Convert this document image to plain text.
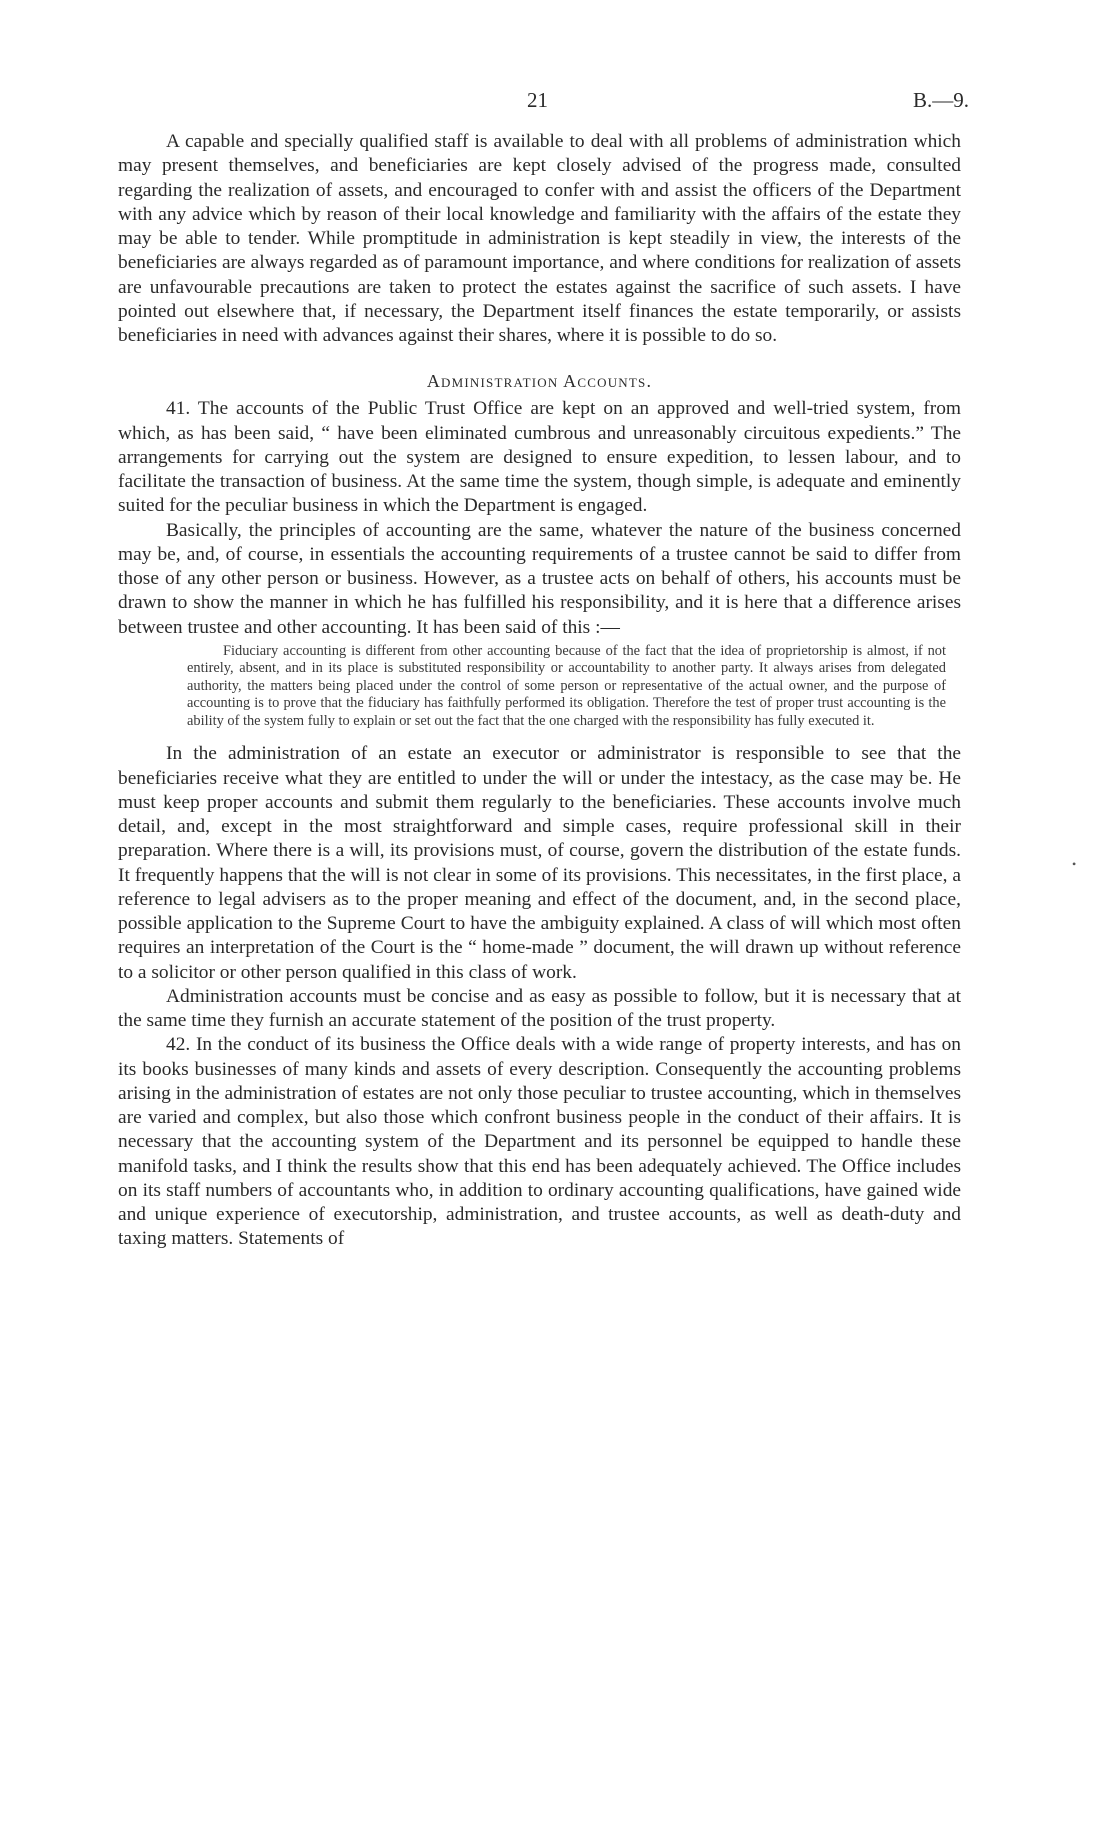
21	B.—9.

A capable and specially qualified staff is available to deal with all problems of administration which may present themselves, and beneficiaries are kept closely advised of the progress made, consulted regarding the realization of assets, and encouraged to confer with and assist the officers of the Department with any advice which by reason of their local knowledge and familiarity with the affairs of the estate they may be able to tender. While promptitude in administration is kept steadily in view, the interests of the beneficiaries are always regarded as of paramount importance, and where conditions for realization of assets are unfavourable precautions are taken to protect the estates against the sacrifice of such assets. I have pointed out elsewhere that, if necessary, the Department itself finances the estate temporarily, or assists beneficiaries in need with advances against their shares, where it is possible to do so.

Administration Accounts.

41. The accounts of the Public Trust Office are kept on an approved and well-tried system, from which, as has been said, “ have been eliminated cumbrous and unreasonably circuitous expedients.” The arrangements for carrying out the system are designed to ensure expedition, to lessen labour, and to facilitate the transaction of business. At the same time the system, though simple, is adequate and eminently suited for the peculiar business in which the Department is engaged.

Basically, the principles of accounting are the same, whatever the nature of the business concerned may be, and, of course, in essentials the accounting requirements of a trustee cannot be said to differ from those of any other person or business. However, as a trustee acts on behalf of others, his accounts must be drawn to show the manner in which he has fulfilled his responsibility, and it is here that a difference arises between trustee and other accounting. It has been said of this :—

Fiduciary accounting is different from other accounting because of the fact that the idea of proprietorship is almost, if not entirely, absent, and in its place is substituted responsibility or accountability to another party. It always arises from delegated authority, the matters being placed under the control of some person or representative of the actual owner, and the purpose of accounting is to prove that the fiduciary has faithfully performed its obligation. Therefore the test of proper trust accounting is the ability of the system fully to explain or set out the fact that the one charged with the responsibility has fully executed it.

In the administration of an estate an executor or administrator is responsible to see that the beneficiaries receive what they are entitled to under the will or under the intestacy, as the case may be. He must keep proper accounts and submit them regularly to the beneficiaries. These accounts involve much detail, and, except in the most straightforward and simple cases, require professional skill in their preparation. Where there is a will, its provisions must, of course, govern the distribution of the estate funds. It frequently happens that the will is not clear in some of its provisions. This necessitates, in the first place, a reference to legal advisers as to the proper meaning and effect of the document, and, in the second place, possible application to the Supreme Court to have the ambiguity explained. A class of will which most often requires an interpretation of the Court is the “ home-made ” document, the will drawn up without reference to a solicitor or other person qualified in this class of work.

Administration accounts must be concise and as easy as possible to follow, but it is necessary that at the same time they furnish an accurate statement of the position of the trust property.

42. In the conduct of its business the Office deals with a wide range of property interests, and has on its books businesses of many kinds and assets of every description. Consequently the accounting problems arising in the administration of estates are not only those peculiar to trustee accounting, which in themselves are varied and complex, but also those which confront business people in the conduct of their affairs. It is necessary that the accounting system of the Department and its personnel be equipped to handle these manifold tasks, and I think the results show that this end has been adequately achieved. The Office includes on its staff numbers of accountants who, in addition to ordinary accounting qualifications, have gained wide and unique experience of executorship, administration, and trustee accounts, as well as death-duty and taxing matters. Statements of

•
